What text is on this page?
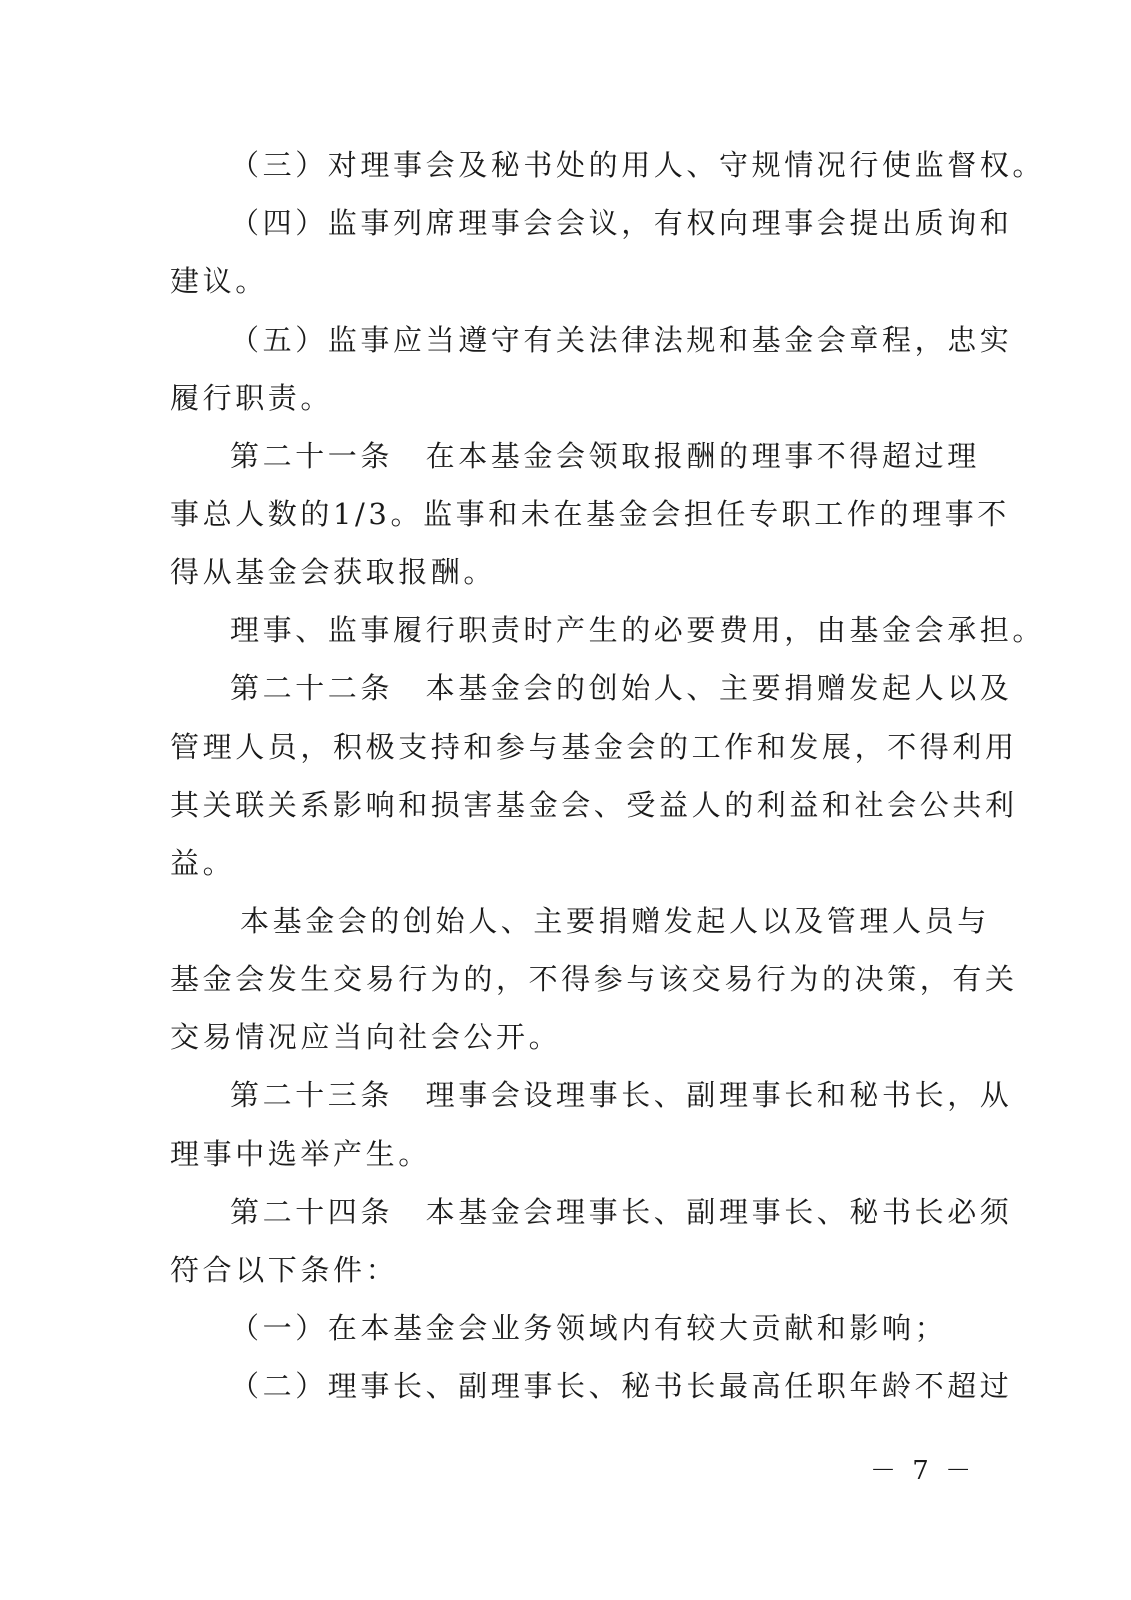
（三）对理事会及秘书处的用人、守规情况行使监督权。
（四）监事列席理事会会议，有权向理事会提出质询和
建议。
（五）监事应当遵守有关法律法规和基金会章程，忠实
履行职责。
第二十一条　在本基金会领取报酬的理事不得超过理
事总人数的1/3。监事和未在基金会担任专职工作的理事不
得从基金会获取报酬。
理事、监事履行职责时产生的必要费用，由基金会承担。
第二十二条　本基金会的创始人、主要捐赠发起人以及
管理人员，积极支持和参与基金会的工作和发展，不得利用
其关联关系影响和损害基金会、受益人的利益和社会公共利
益。
本基金会的创始人、主要捐赠发起人以及管理人员与
基金会发生交易行为的，不得参与该交易行为的决策，有关
交易情况应当向社会公开。
第二十三条　理事会设理事长、副理事长和秘书长，从
理事中选举产生。
第二十四条　本基金会理事长、副理事长、秘书长必须
符合以下条件：
（一）在本基金会业务领域内有较大贡献和影响；
（二）理事长、副理事长、秘书长最高任职年龄不超过
－ 7 －
